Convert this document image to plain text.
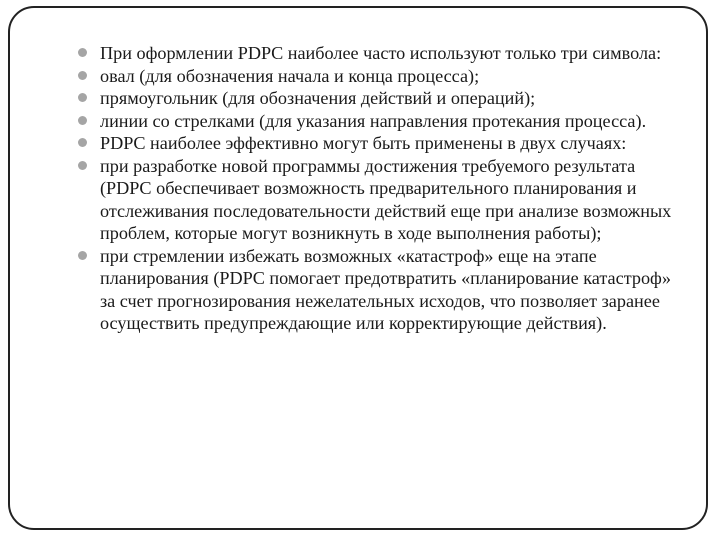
При оформлении PDPC наиболее часто используют только три символа:
овал (для обозначения начала и конца процесса);
прямоугольник (для обозначения действий и операций);
линии со стрелками (для указания направления протекания процесса).
PDPC наиболее эффективно могут быть применены в двух случаях:
при разработке новой программы достижения требуемого результата (PDPC обеспечивает возможность предварительного планирования и отслеживания последовательности действий еще при анализе возможных проблем, которые могут возникнуть в ходе выполнения работы);
при стремлении избежать возможных «катастроф» еще на этапе планирования (PDPC помогает предотвратить «планирование катастроф» за счет прогнозирования нежелательных исходов, что позволяет заранее осуществить предупреждающие или корректирующие действия).
